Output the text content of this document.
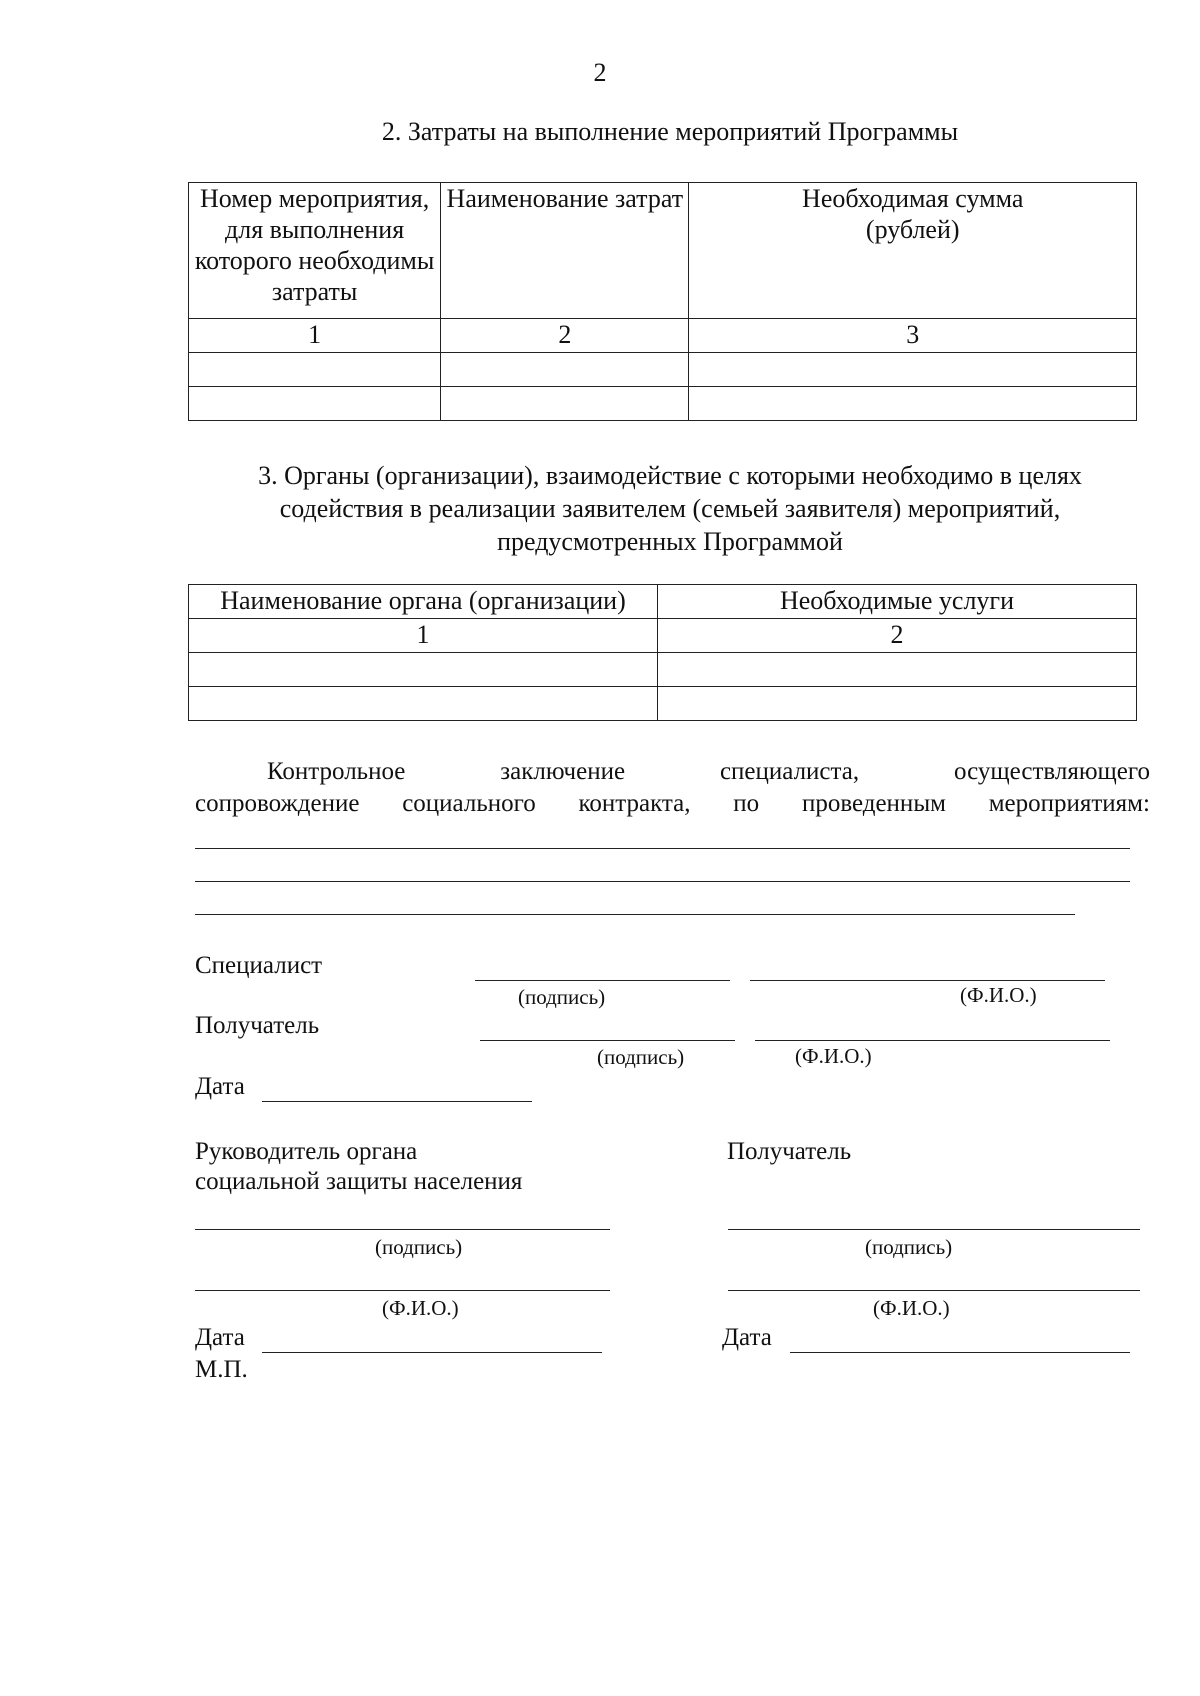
2
2. Затраты на выполнение мероприятий Программы
Номер мероприятия, для выполнения которого необходимы затраты	Наименование затрат	Необходимая сумма (рублей)
1	2	3

3. Органы (организации), взаимодействие с которыми необходимо в целях
содействия в реализации заявителем (семьей заявителя) мероприятий,
предусмотренных Программой
Наименование органа (организации)	Необходимые услуги
1	2

Контрольное	заключение	специалиста,	осуществляющего
сопровождение социального контракта, по проведенным мероприятиям:
Специалист
(подпись)	(Ф.И.О.)
Получатель
(подпись)	(Ф.И.О.)
Дата
Руководитель органа
социальной защиты населения
(подпись)
(Ф.И.О.)
Дата
М.П.
Получатель
(подпись)
(Ф.И.О.)
Дата
